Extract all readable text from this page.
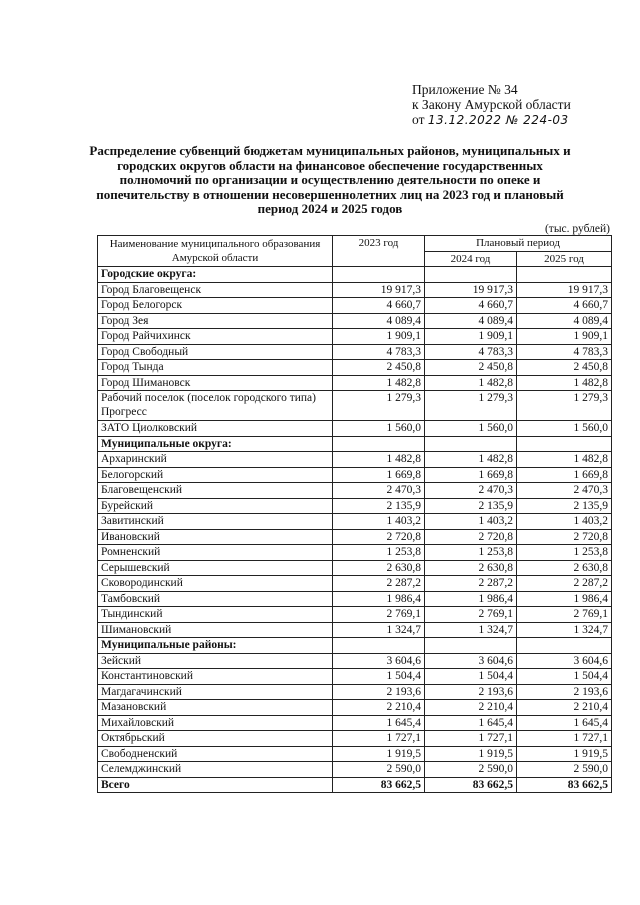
Приложение № 34
к Закону Амурской области
от 13.12.2022 № 224-03
Распределение субвенций бюджетам муниципальных районов, муниципальных и городских округов области на финансовое обеспечение государственных полномочий по организации и осуществлению деятельности по опеке и попечительству в отношении несовершеннолетних лиц на 2023 год и плановый период 2024 и 2025 годов
(тыс. рублей)
Наименование муниципального образования Амурской области	2023 год	Плановый период	
		2024 год	2025 год
Городские округа:			
Город Благовещенск	19 917,3	19 917,3	19 917,3
Город Белогорск	4 660,7	4 660,7	4 660,7
Город Зея	4 089,4	4 089,4	4 089,4
Город Райчихинск	1 909,1	1 909,1	1 909,1
Город Свободный	4 783,3	4 783,3	4 783,3
Город Тында	2 450,8	2 450,8	2 450,8
Город Шимановск	1 482,8	1 482,8	1 482,8
Рабочий поселок (поселок городского типа) Прогресс	1 279,3	1 279,3	1 279,3
ЗАТО Циолковский	1 560,0	1 560,0	1 560,0
Муниципальные округа:			
Архаринский	1 482,8	1 482,8	1 482,8
Белогорский	1 669,8	1 669,8	1 669,8
Благовещенский	2 470,3	2 470,3	2 470,3
Бурейский	2 135,9	2 135,9	2 135,9
Завитинский	1 403,2	1 403,2	1 403,2
Ивановский	2 720,8	2 720,8	2 720,8
Ромненский	1 253,8	1 253,8	1 253,8
Серышевский	2 630,8	2 630,8	2 630,8
Сковородинский	2 287,2	2 287,2	2 287,2
Тамбовский	1 986,4	1 986,4	1 986,4
Тындинский	2 769,1	2 769,1	2 769,1
Шимановский	1 324,7	1 324,7	1 324,7
Муниципальные районы:			
Зейский	3 604,6	3 604,6	3 604,6
Константиновский	1 504,4	1 504,4	1 504,4
Магдагачинский	2 193,6	2 193,6	2 193,6
Мазановский	2 210,4	2 210,4	2 210,4
Михайловский	1 645,4	1 645,4	1 645,4
Октябрьский	1 727,1	1 727,1	1 727,1
Свободненский	1 919,5	1 919,5	1 919,5
Селемджинский	2 590,0	2 590,0	2 590,0
Всего	83 662,5	83 662,5	83 662,5
